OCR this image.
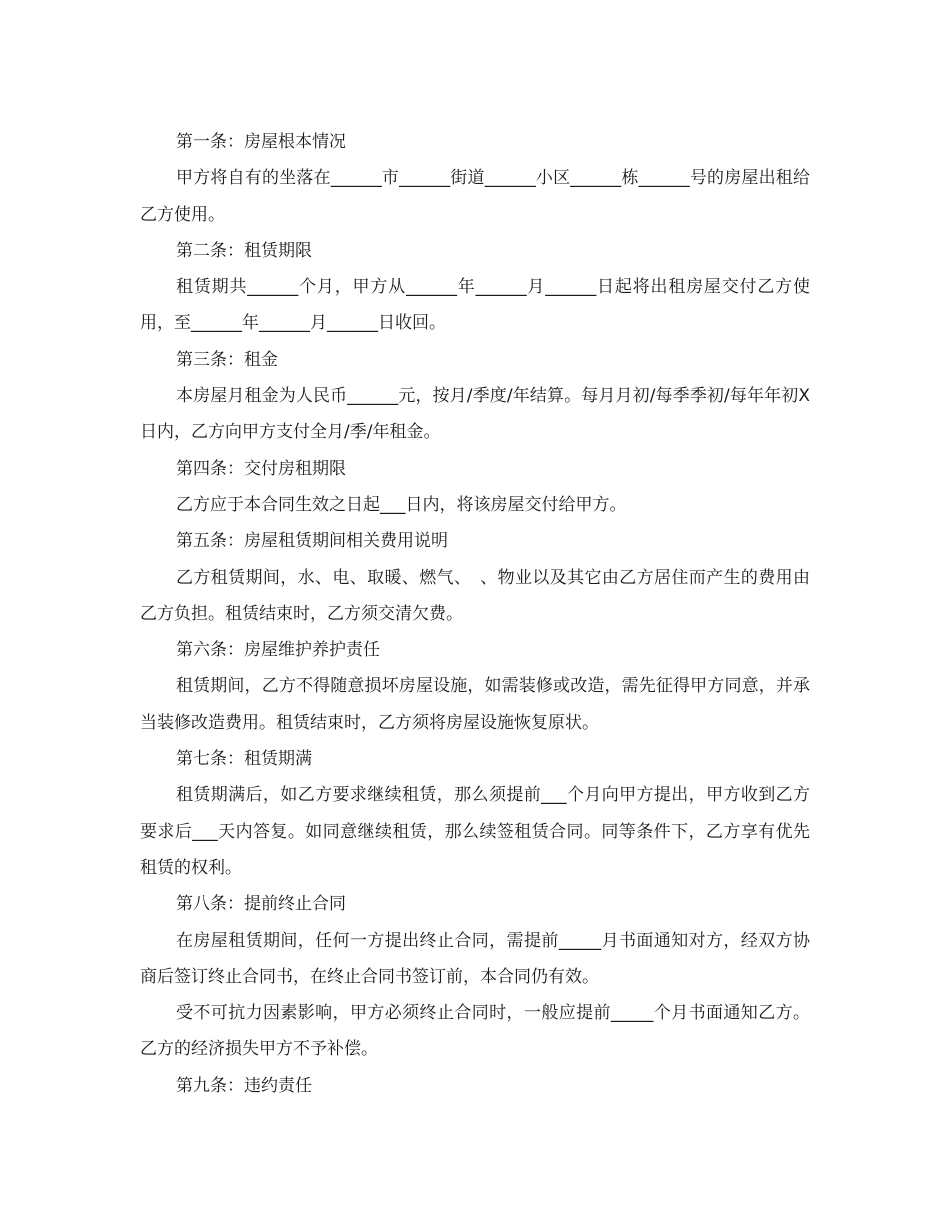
第一条：房屋根本情况

甲方将自有的坐落在______市______街道______小区______栋______号的房屋出租给乙方使用。

第二条：租赁期限

租赁期共______个月，甲方从______年______月______日起将出租房屋交付乙方使用，至______年______月______日收回。

第三条：租金

本房屋月租金为人民币______元，按月/季度/年结算。每月月初/每季季初/每年年初X日内，乙方向甲方支付全月/季/年租金。

第四条：交付房租期限

乙方应于本合同生效之日起___日内，将该房屋交付给甲方。

第五条：房屋租赁期间相关费用说明

乙方租赁期间，水、电、取暖、燃气、　、物业以及其它由乙方居住而产生的费用由乙方负担。租赁结束时，乙方须交清欠费。

第六条：房屋维护养护责任

租赁期间，乙方不得随意损坏房屋设施，如需装修或改造，需先征得甲方同意，并承当装修改造费用。租赁结束时，乙方须将房屋设施恢复原状。

第七条：租赁期满

租赁期满后，如乙方要求继续租赁，那么须提前___个月向甲方提出，甲方收到乙方要求后___天内答复。如同意继续租赁，那么续签租赁合同。同等条件下，乙方享有优先租赁的权利。

第八条：提前终止合同

在房屋租赁期间，任何一方提出终止合同，需提前_____月书面通知对方，经双方协商后签订终止合同书，在终止合同书签订前，本合同仍有效。

受不可抗力因素影响，甲方必须终止合同时，一般应提前_____个月书面通知乙方。乙方的经济损失甲方不予补偿。

第九条：违约责任
